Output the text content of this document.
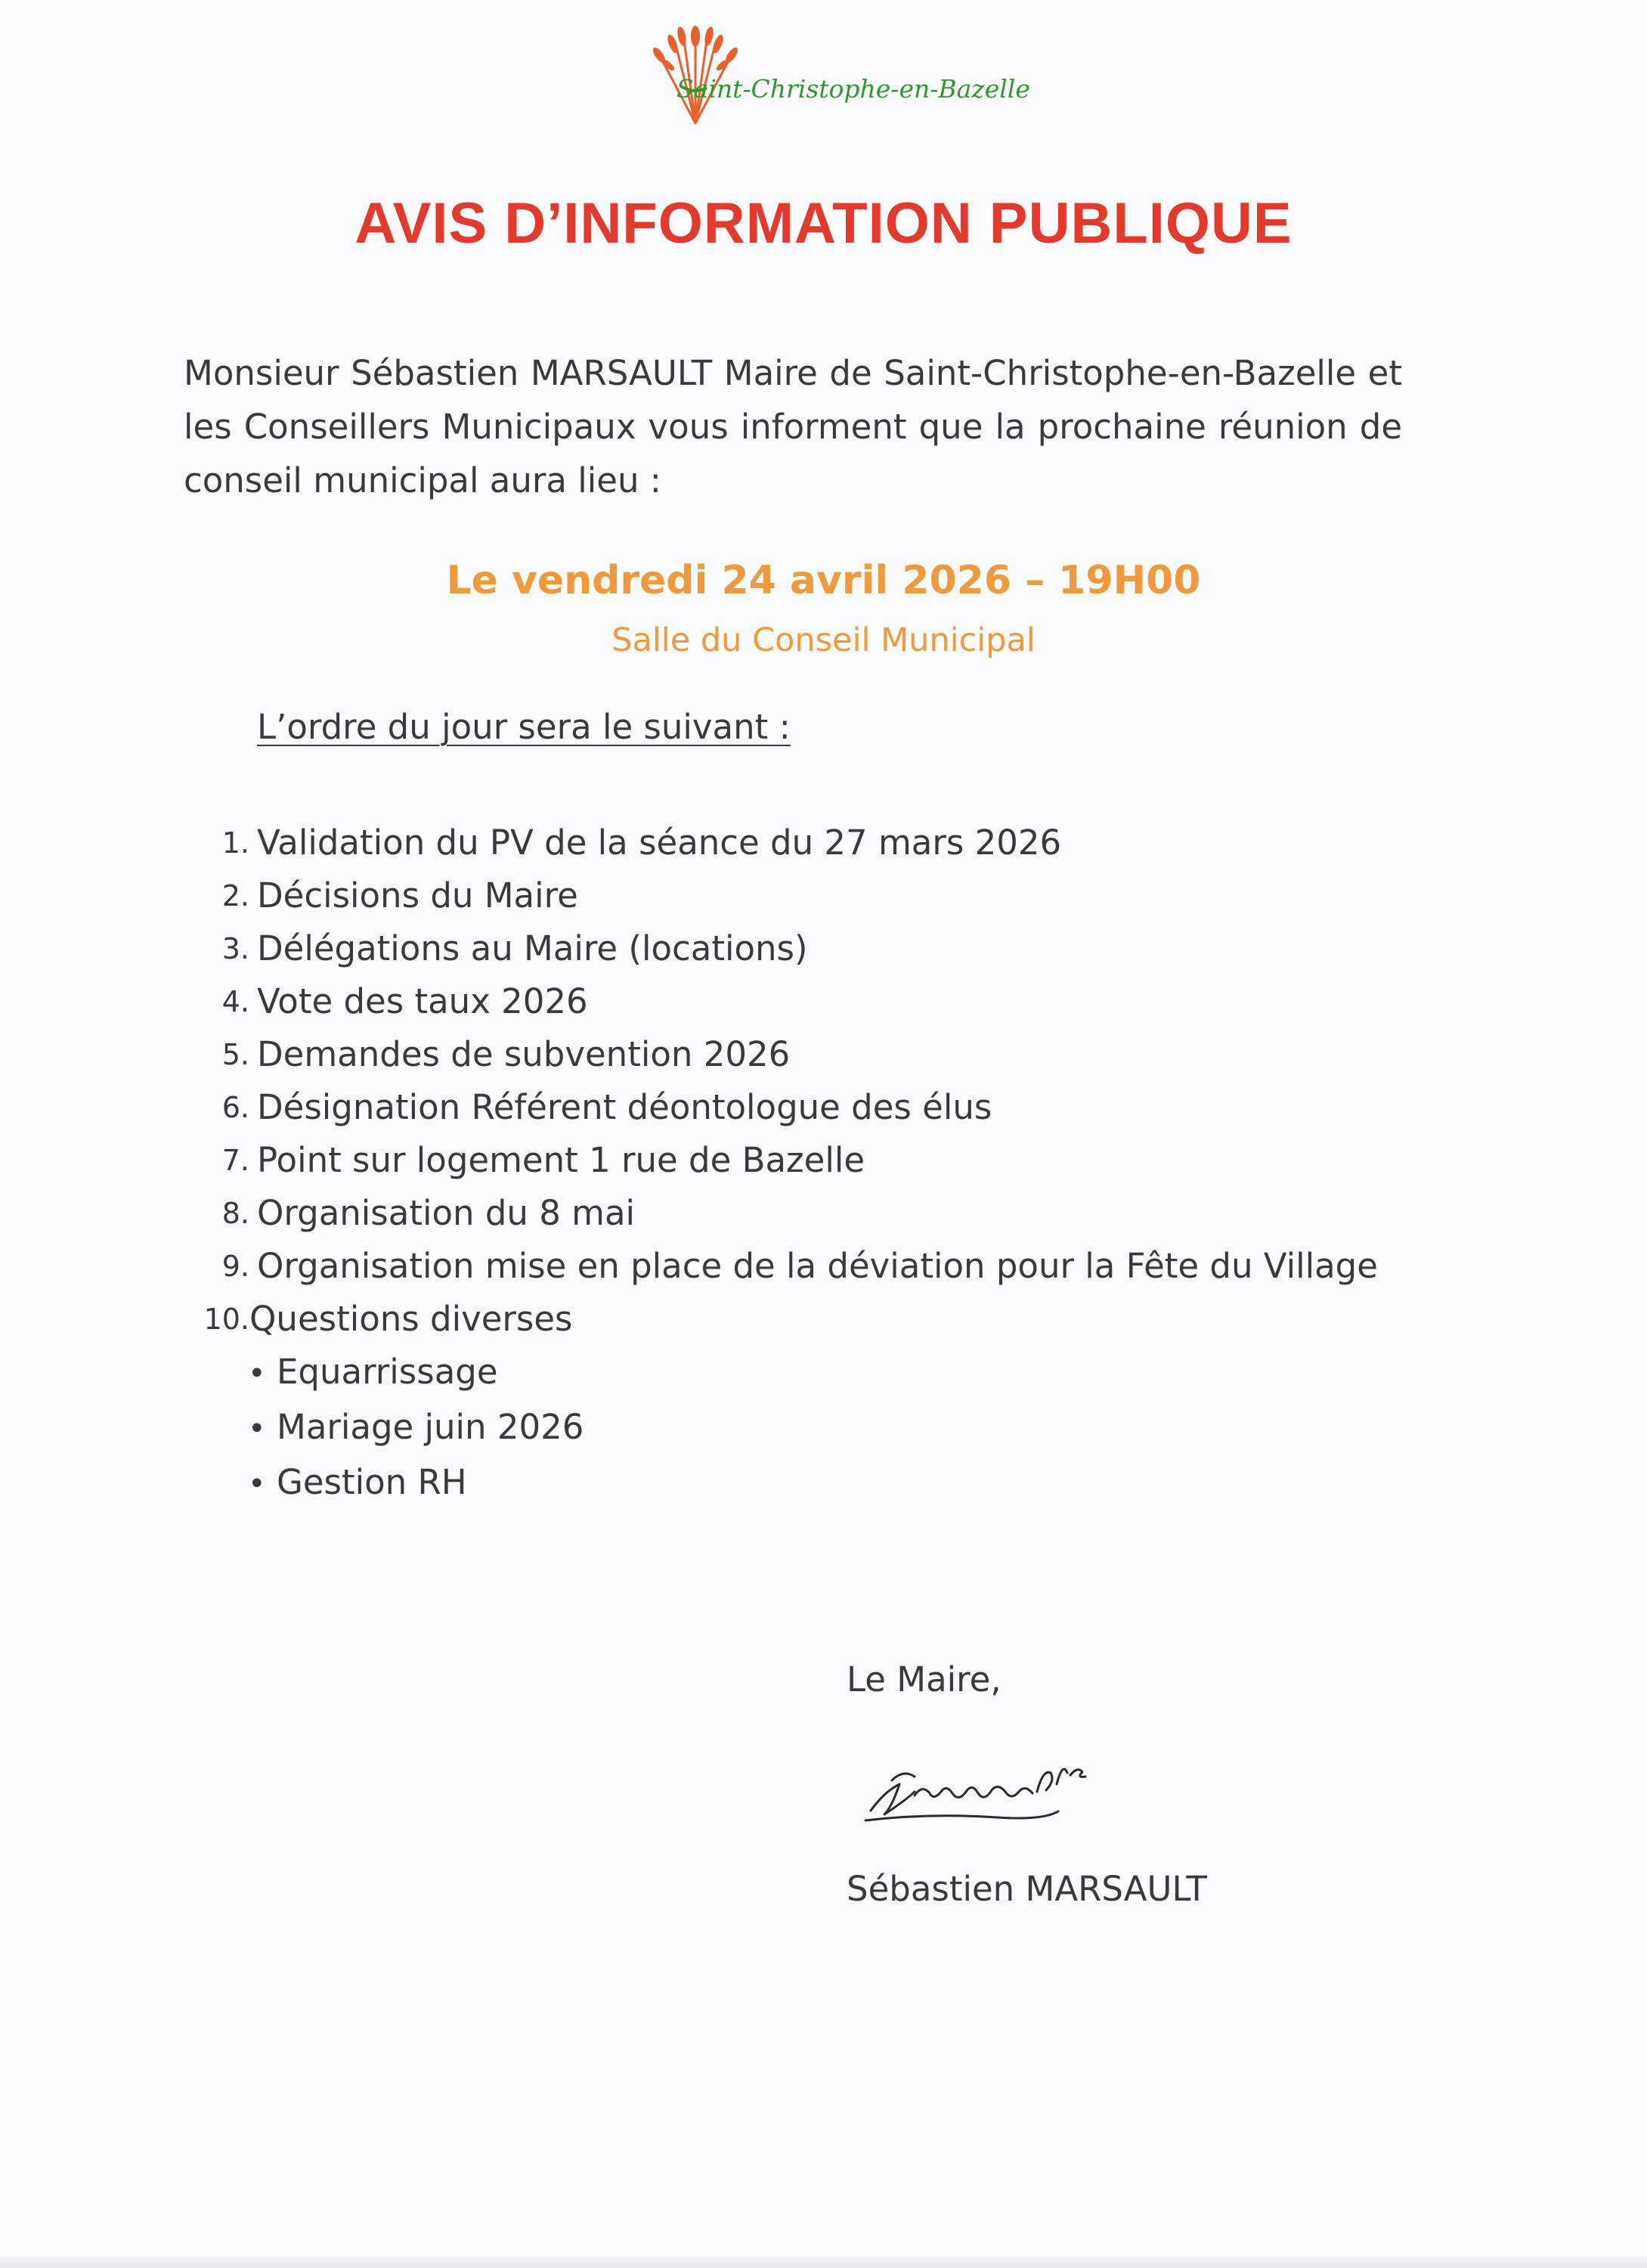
Saint-Christophe-en-Bazelle
AVIS D’INFORMATION PUBLIQUE
Monsieur Sébastien MARSAULT Maire de Saint-Christophe-en-Bazelle et les Conseillers Municipaux vous informent que la prochaine réunion de conseil municipal aura lieu :
Le vendredi 24 avril 2026 – 19H00
Salle du Conseil Municipal
L’ordre du jour sera le suivant :
1. Validation du PV de la séance du 27 mars 2026
2. Décisions du Maire
3. Délégations au Maire (locations)
4. Vote des taux 2026
5. Demandes de subvention 2026
6. Désignation Référent déontologue des élus
7. Point sur logement 1 rue de Bazelle
8. Organisation du 8 mai
9. Organisation mise en place de la déviation pour la Fête du Village
10. Questions diverses
• Equarrissage
• Mariage juin 2026
• Gestion RH
Le Maire,
Sébastien MARSAULT
